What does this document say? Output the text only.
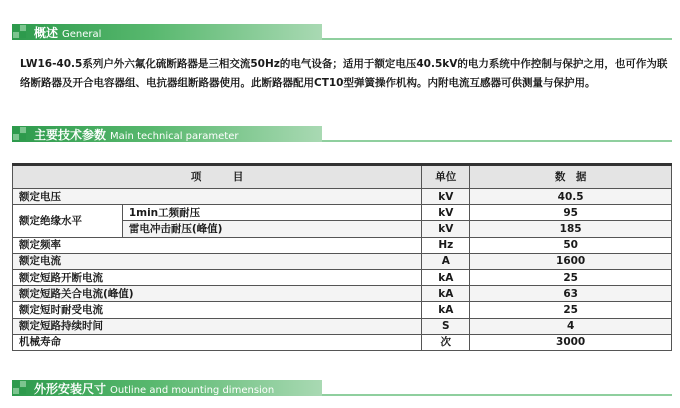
概述 General
LW16-40.5系列户外六氟化硫断路器是三相交流50Hz的电气设备；适用于额定电压40.5kV的电力系统中作控制与保护之用，也可作为联络断路器及开合电容器组、电抗器组断路器使用。此断路器配用CT10型弹簧操作机构。内附电流互感器可供测量与保护用。
主要技术参数 Main technical parameter
项　　　目		单位	数　据
额定电压		kV	40.5
额定绝缘水平	1min工频耐压	kV	95
	雷电冲击耐压(峰值)	kV	185
额定频率		Hz	50
额定电流		A	1600
额定短路开断电流		kA	25
额定短路关合电流(峰值)		kA	63
额定短时耐受电流		kA	25
额定短路持续时间		S	4
机械寿命		次	3000
外形安装尺寸 Outline and mounting dimension
